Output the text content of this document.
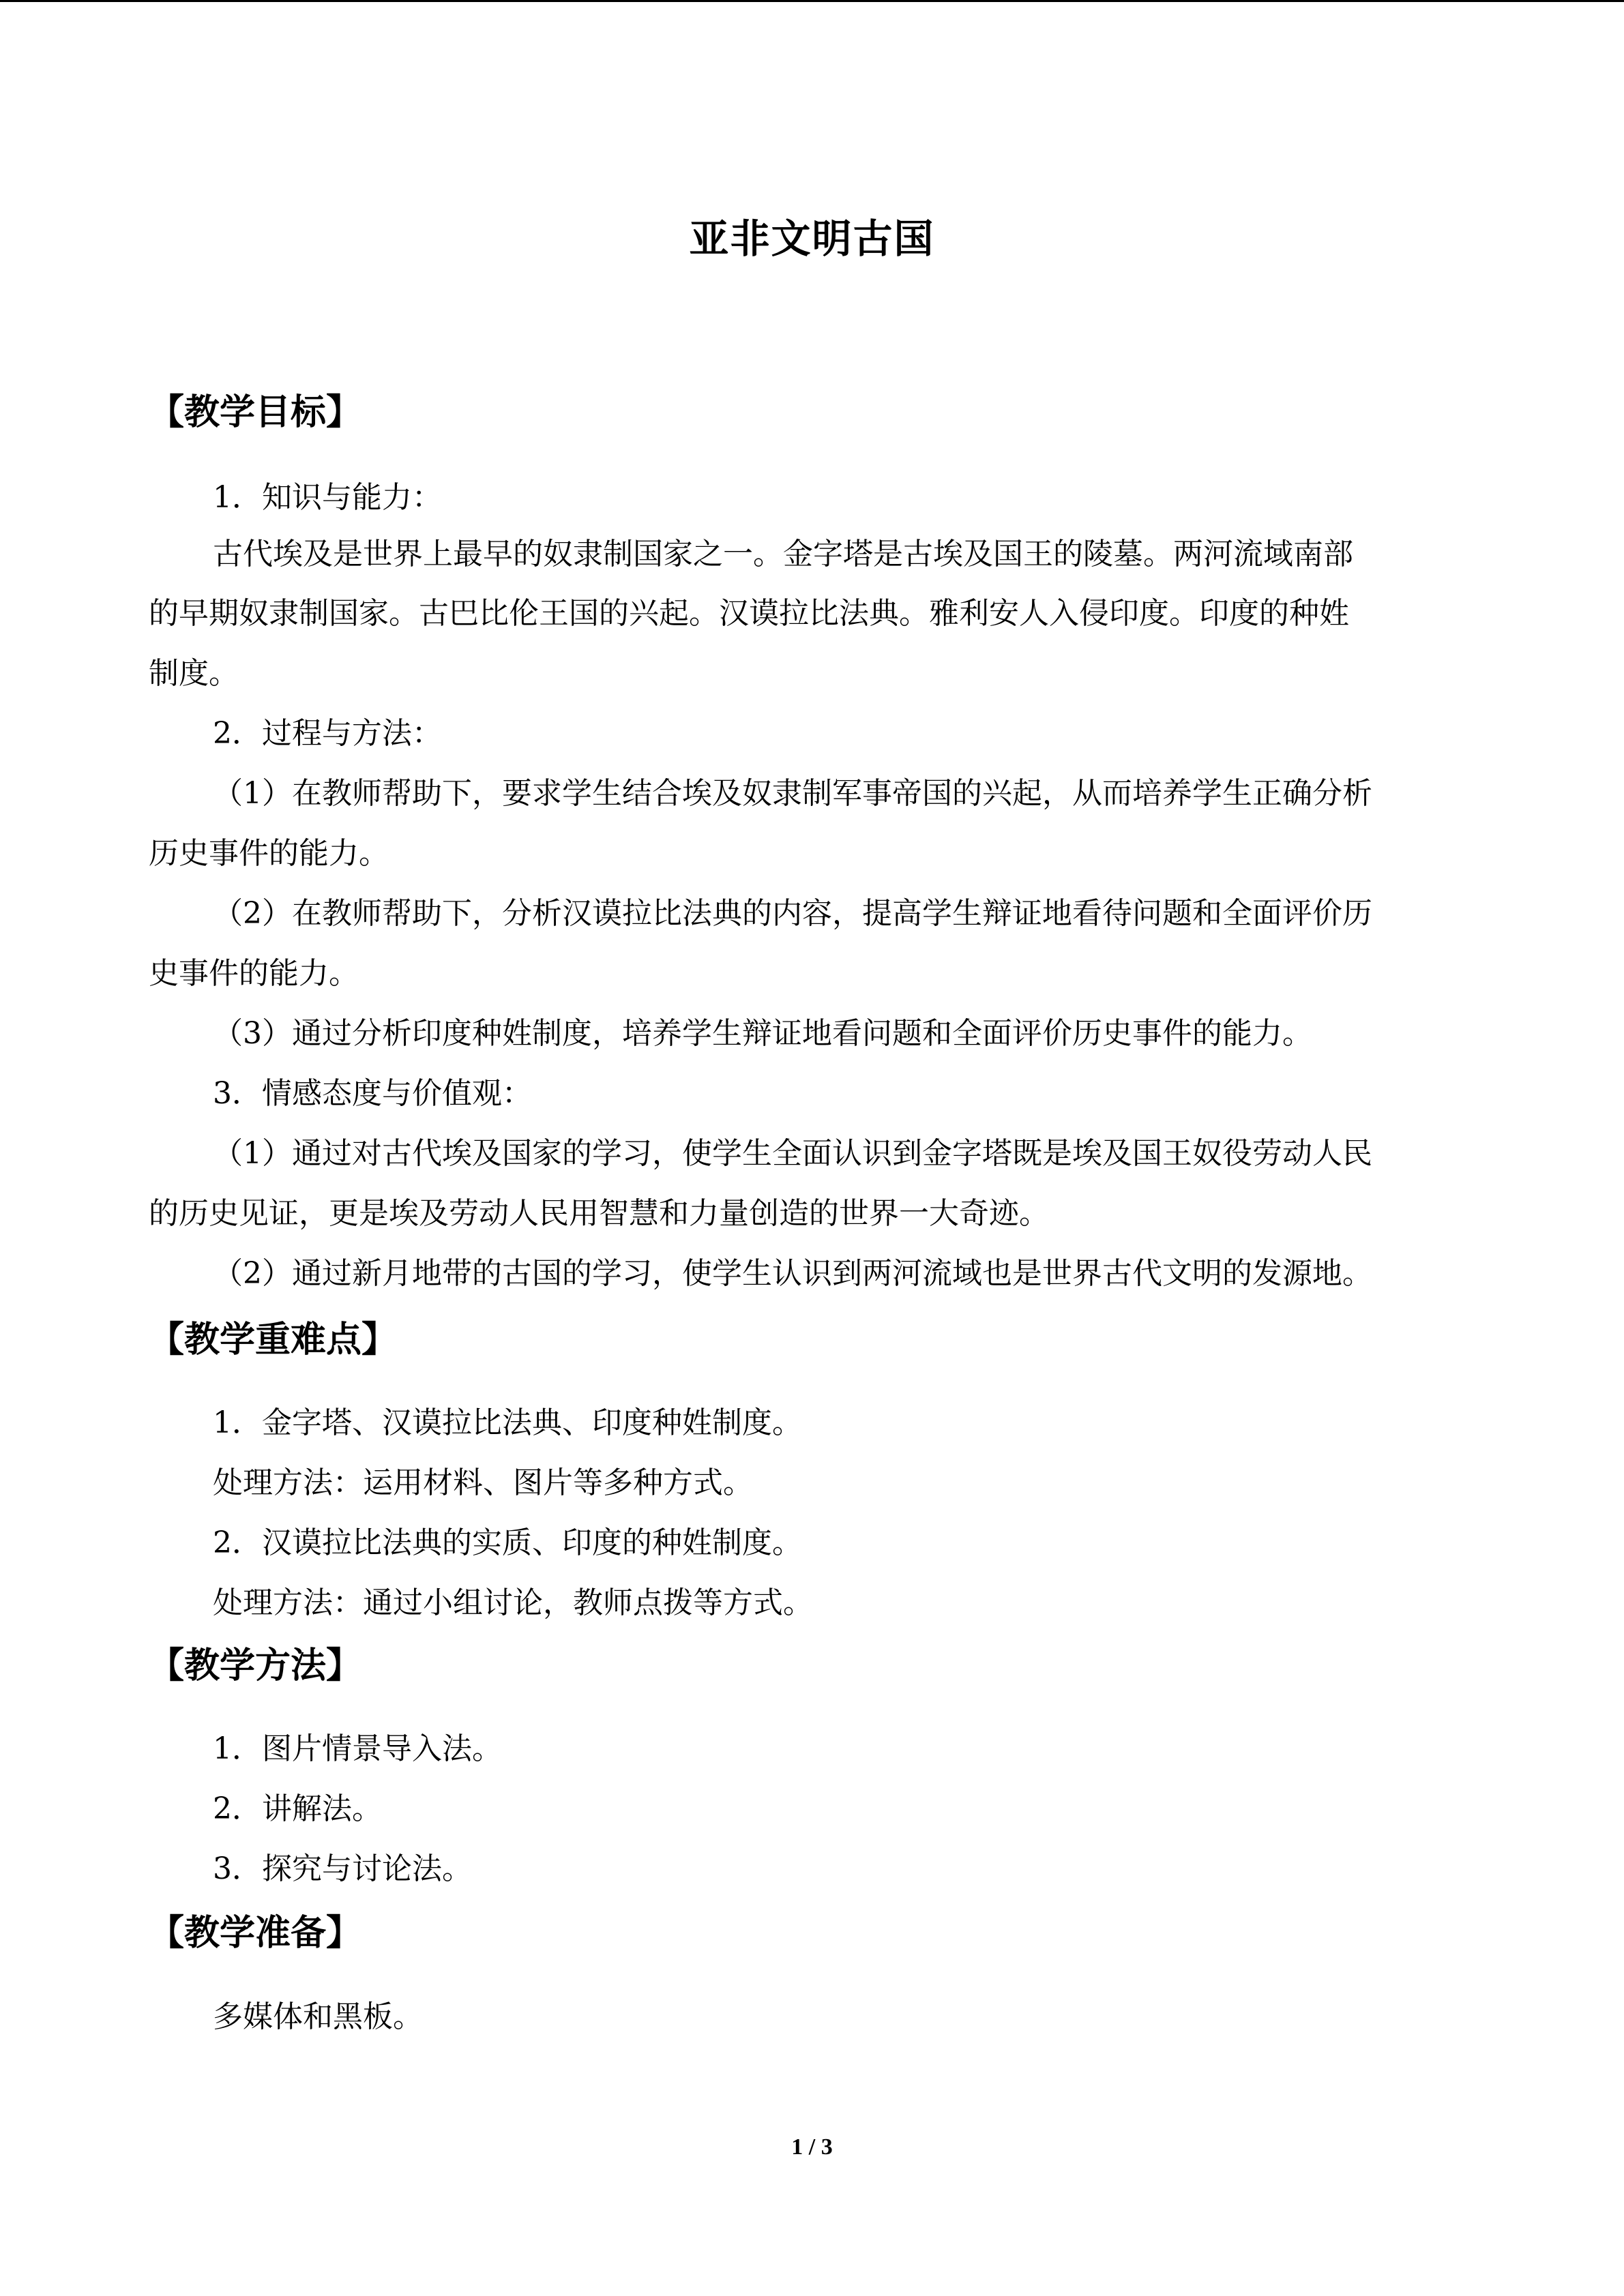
亚非文明古国
【教学目标】
1．知识与能力：
古代埃及是世界上最早的奴隶制国家之一。金字塔是古埃及国王的陵墓。两河流域南部
的早期奴隶制国家。古巴比伦王国的兴起。汉谟拉比法典。雅利安人入侵印度。印度的种姓
制度。
2．过程与方法：
（1）在教师帮助下，要求学生结合埃及奴隶制军事帝国的兴起，从而培养学生正确分析
历史事件的能力。
（2）在教师帮助下，分析汉谟拉比法典的内容，提高学生辩证地看待问题和全面评价历
史事件的能力。
（3）通过分析印度种姓制度，培养学生辩证地看问题和全面评价历史事件的能力。
3．情感态度与价值观：
（1）通过对古代埃及国家的学习，使学生全面认识到金字塔既是埃及国王奴役劳动人民
的历史见证，更是埃及劳动人民用智慧和力量创造的世界一大奇迹。
（2）通过新月地带的古国的学习，使学生认识到两河流域也是世界古代文明的发源地。
【教学重难点】
1．金字塔、汉谟拉比法典、印度种姓制度。
处理方法：运用材料、图片等多种方式。
2．汉谟拉比法典的实质、印度的种姓制度。
处理方法：通过小组讨论，教师点拨等方式。
【教学方法】
1．图片情景导入法。
2．讲解法。
3．探究与讨论法。
【教学准备】
多媒体和黑板。
1 / 3
